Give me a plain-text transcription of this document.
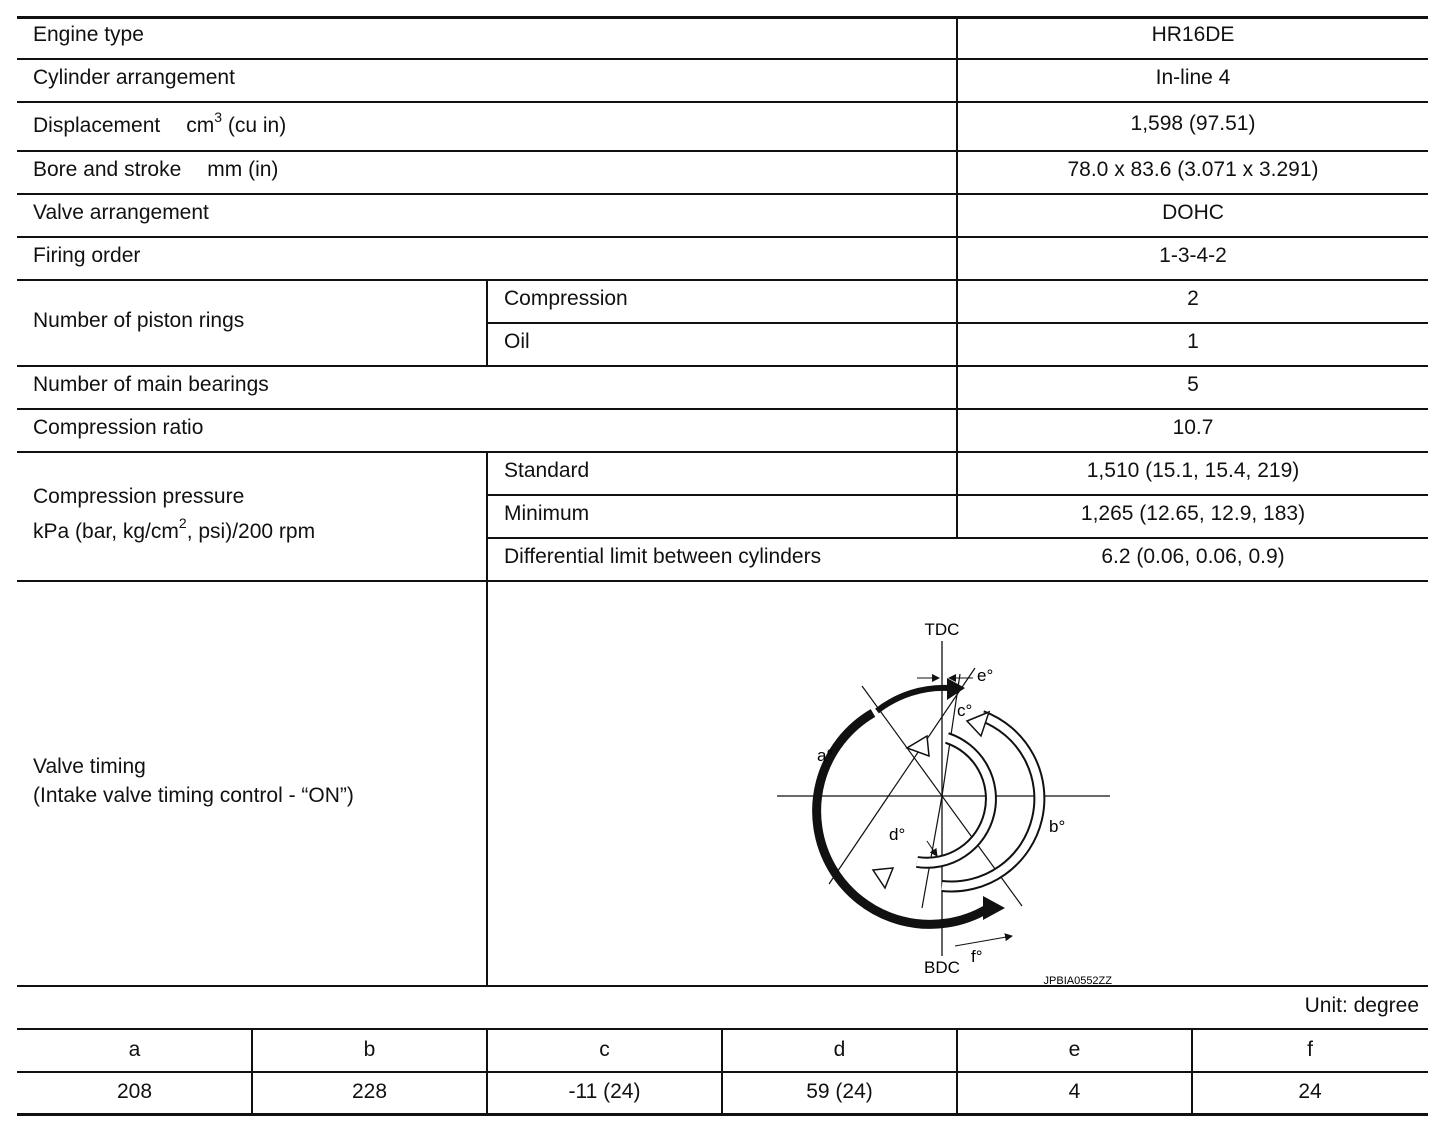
Engine type	HR16DE
Cylinder arrangement	In-line 4
Displacement $cm^3$ (cu in)	1,598 (97.51)
Bore and stroke mm (in)	78.0 x 83.6 (3.071 x 3.291)
Valve arrangement	DOHC
Firing order	1-3-4-2
Number of piston rings
Compression	2
Oil	1
Number of main bearings	5
Compression ratio	10.7
Compression pressure
kPa (bar, $kg/cm^2$, psi)/200 rpm
Standard	1,510 (15.1, 15.4, 219)
Minimum	1,265 (12.65, 12.9, 183)
Differential limit between cylinders	6.2 (0.06, 0.06, 0.9)
Valve timing
(Intake valve timing control - “ON”)
TDC
BDC
a°
b°
c°
d°
e°
f°
JPBIA0552ZZ
Unit: degree
a	b	c	d	e	f
208	228	-11 (24)	59 (24)	4	24
